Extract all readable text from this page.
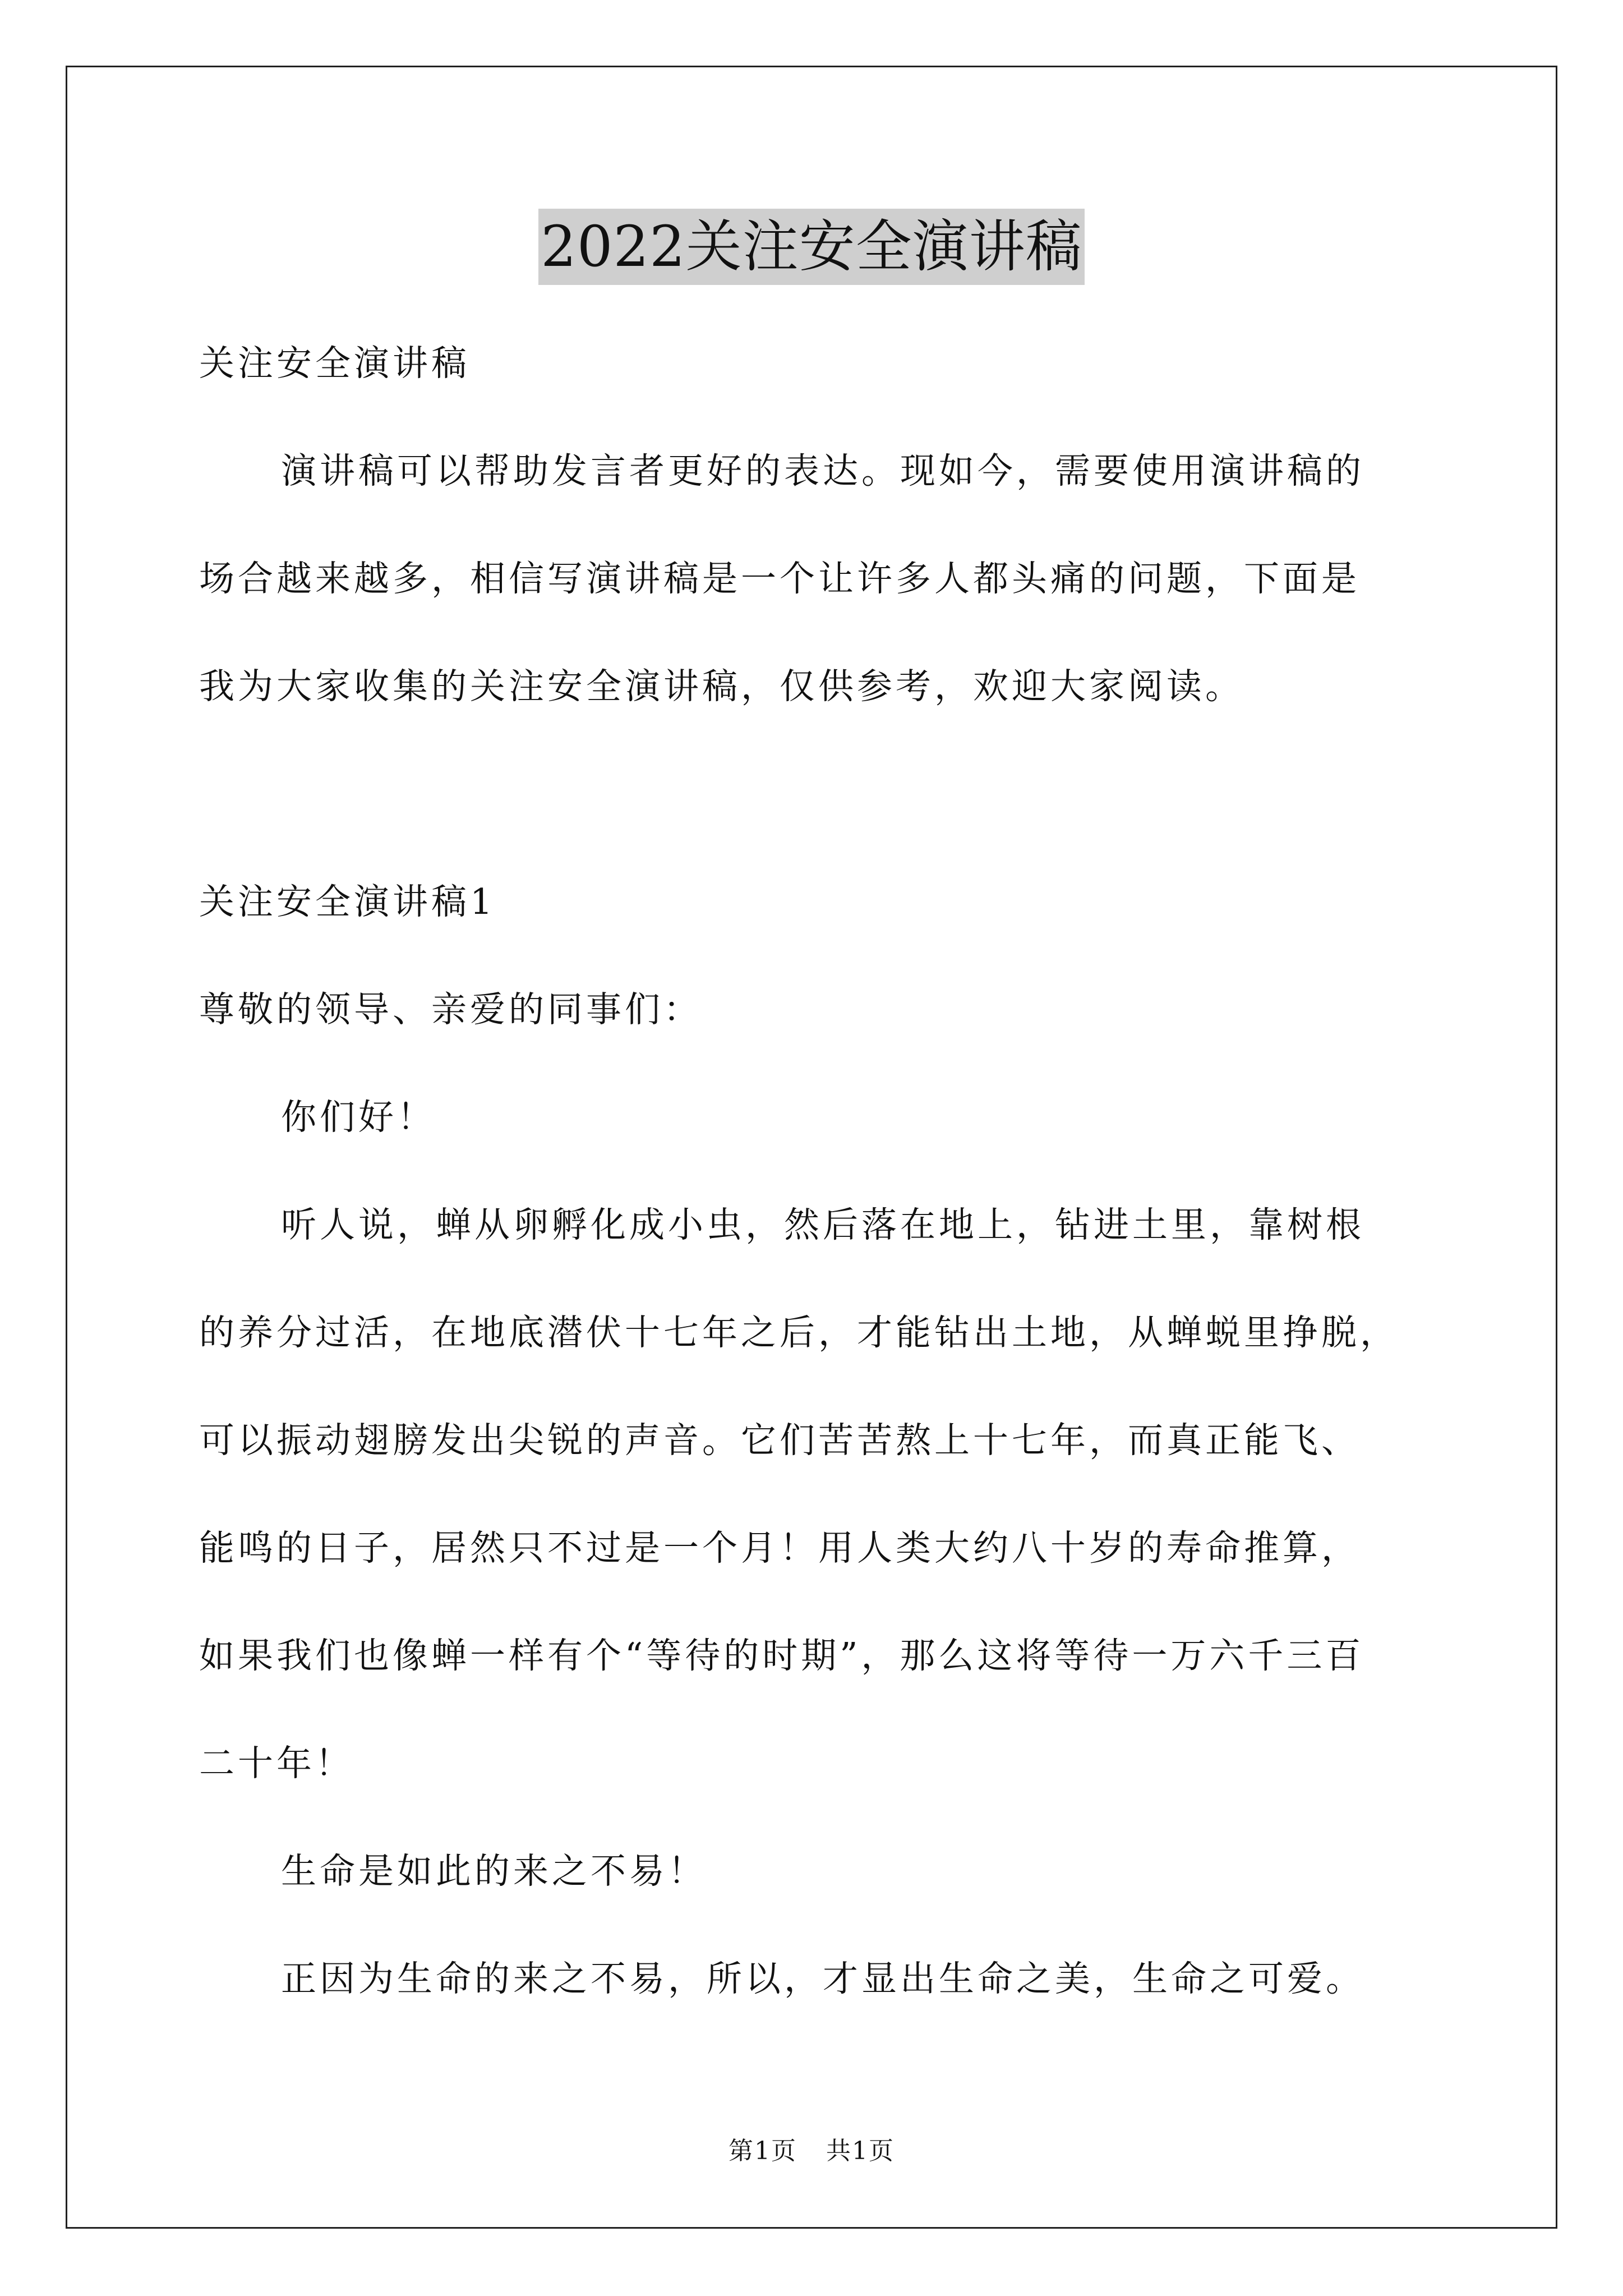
2022关注安全演讲稿
关注安全演讲稿
演讲稿可以帮助发言者更好的表达。现如今，需要使用演讲稿的
场合越来越多，相信写演讲稿是一个让许多人都头痛的问题，下面是
我为大家收集的关注安全演讲稿，仅供参考，欢迎大家阅读。
关注安全演讲稿1
尊敬的领导、亲爱的同事们：
你们好！
听人说，蝉从卵孵化成小虫，然后落在地上，钻进土里，靠树根
的养分过活，在地底潜伏十七年之后，才能钻出土地，从蝉蜕里挣脱，
可以振动翅膀发出尖锐的声音。它们苦苦熬上十七年，而真正能飞、
能鸣的日子，居然只不过是一个月！用人类大约八十岁的寿命推算，
如果我们也像蝉一样有个“等待的时期”，那么这将等待一万六千三百
二十年！
生命是如此的来之不易！
正因为生命的来之不易，所以，才显出生命之美，生命之可爱。
第1页 共1页
